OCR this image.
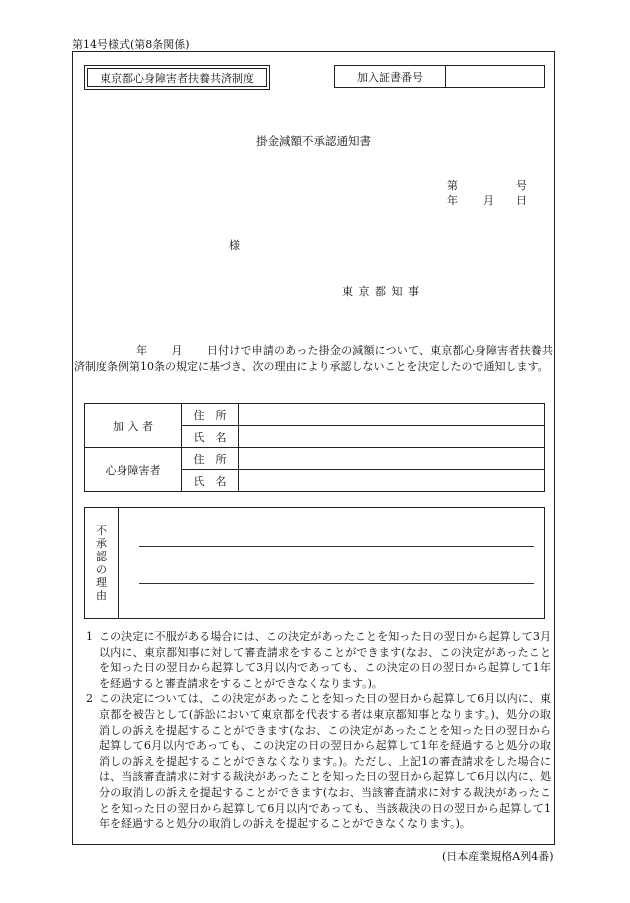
第14号様式(第8条関係)
東京都心身障害者扶養共済制度	加入証書番号
掛金減額不承認通知書
第	号
年 月 日
様
東 京 都 知 事
年 月 日付けで申請のあった掛金の減額について、東京都心身障害者扶養共済制度条例第10条の規定に基づき、次の理由により承認しないことを決定したので通知します。
加 入 者	住　所	
	氏　名	
心身障害者	住　所	
	氏　名	
不
承
認
の
理
由
1 この決定に不服がある場合には、この決定があったことを知った日の翌日から起算して3月以内に、東京都知事に対して審査請求をすることができます(なお、この決定があったことを知った日の翌日から起算して3月以内であっても、この決定の日の翌日から起算して1年を経過すると審査請求をすることができなくなります。)。
2 この決定については、この決定があったことを知った日の翌日から起算して6月以内に、東京都を被告として(訴訟において東京都を代表する者は東京都知事となります。)、処分の取消しの訴えを提起することができます(なお、この決定があったことを知った日の翌日から起算して6月以内であっても、この決定の日の翌日から起算して1年を経過すると処分の取消しの訴えを提起することができなくなります。)。ただし、上記1の審査請求をした場合には、当該審査請求に対する裁決があったことを知った日の翌日から起算して6月以内に、処分の取消しの訴えを提起することができます(なお、当該審査請求に対する裁決があったことを知った日の翌日から起算して6月以内であっても、当該裁決の日の翌日から起算して1年を経過すると処分の取消しの訴えを提起することができなくなります。)。
(日本産業規格A列4番)
